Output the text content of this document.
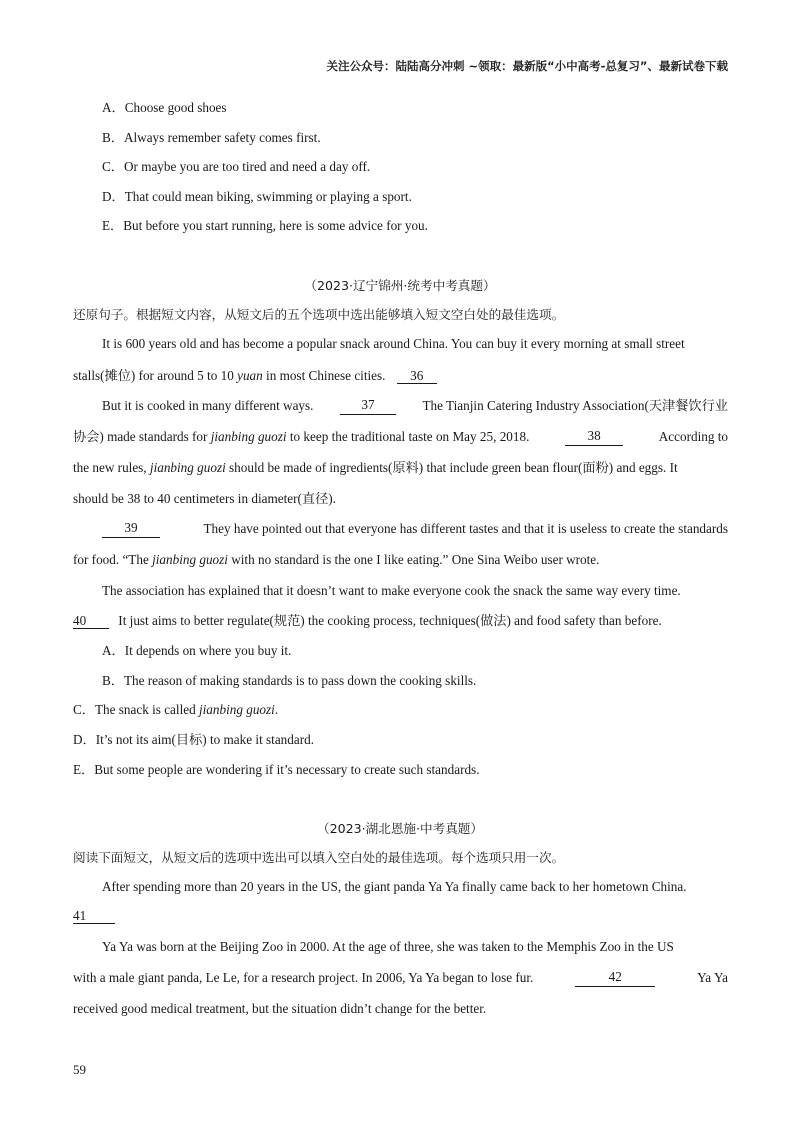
关注公众号：陆陆高分冲刺 ~领取：最新版“小中高考-总复习”、最新试卷下载
A．Choose good shoes
B．Always remember safety comes first.
C．Or maybe you are too tired and need a day off.
D．That could mean biking, swimming or playing a sport.
E．But before you start running, here is some advice for you.
（2023·辽宁锦州·统考中考真题）
还原句子。根据短文内容，从短文后的五个选项中选出能够填入短文空白处的最佳选项。
It is 600 years old and has become a popular snack around China. You can buy it every morning at small street
stalls(摊位) for around 5 to 10 yuan in most Chinese cities. 36
But it is cooked in many different ways.	37	The Tianjin Catering Industry Association(天津餐饮行业
协会) made standards for jianbing guozi to keep the traditional taste on May 25, 2018.	38	According to
the new rules, jianbing guozi should be made of ingredients(原料) that include green bean flour(面粉) and eggs. It
should be 38 to 40 centimeters in diameter(直径).
39	They have pointed out that everyone has different tastes and that it is useless to create the standards
for food. “The jianbing guozi with no standard is the one I like eating.” One Sina Weibo user wrote.
The association has explained that it doesn’t want to make everyone cook the snack the same way every time.
40 It just aims to better regulate(规范) the cooking process, techniques(做法) and food safety than before.
A．It depends on where you buy it.
B．The reason of making standards is to pass down the cooking skills.
C．The snack is called jianbing guozi.
D．It’s not its aim(目标) to make it standard.
E．But some people are wondering if it’s necessary to create such standards.
（2023·湖北恩施·中考真题）
阅读下面短文，从短文后的选项中选出可以填入空白处的最佳选项。每个选项只用一次。
After spending more than 20 years in the US, the giant panda Ya Ya finally came back to her hometown China.
41
Ya Ya was born at the Beijing Zoo in 2000. At the age of three, she was taken to the Memphis Zoo in the US
with a male giant panda, Le Le, for a research project. In 2006, Ya Ya began to lose fur.	42	Ya Ya
received good medical treatment, but the situation didn’t change for the better.
59
